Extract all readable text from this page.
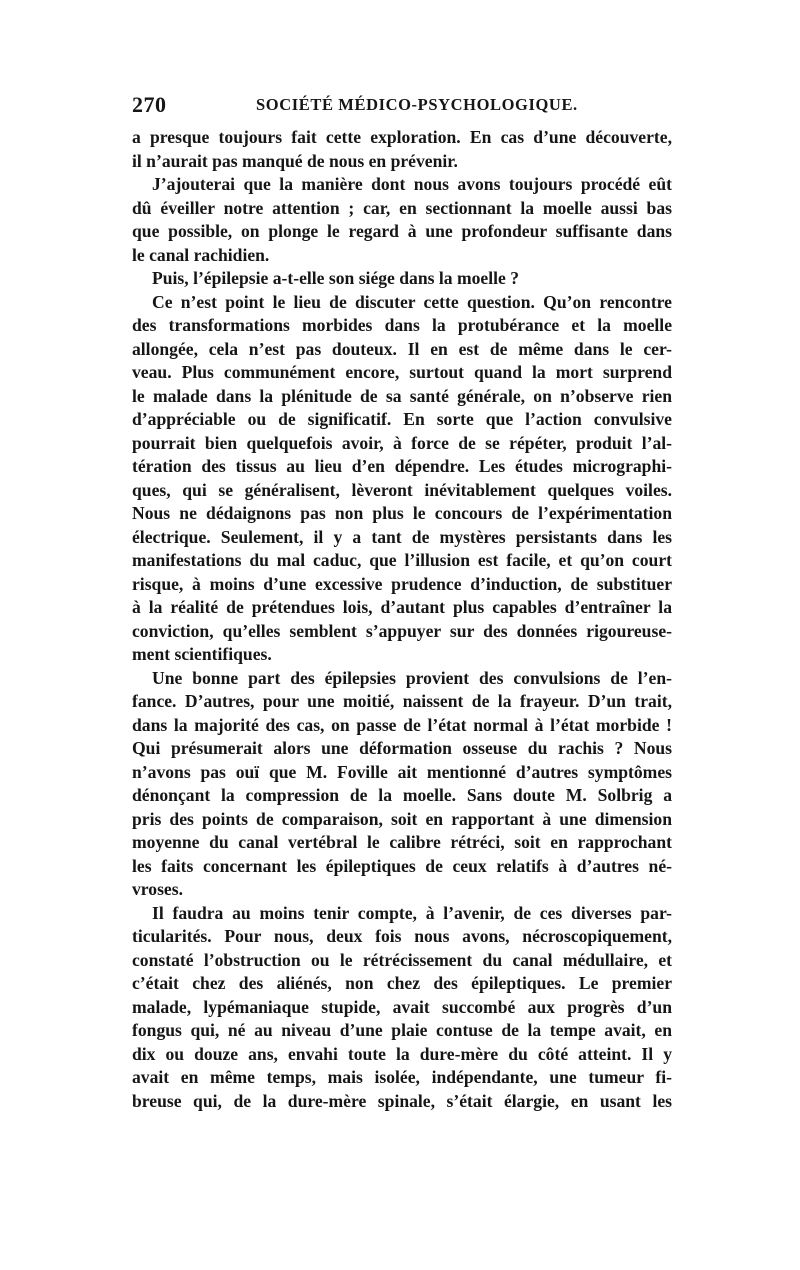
270	SOCIÉTÉ MÉDICO-PSYCHOLOGIQUE.
a presque toujours fait cette exploration. En cas d’une découverte,
il n’aurait pas manqué de nous en prévenir.
J’ajouterai que la manière dont nous avons toujours procédé eût
dû éveiller notre attention ; car, en sectionnant la moelle aussi bas
que possible, on plonge le regard à une profondeur suffisante dans
le canal rachidien.
Puis, l’épilepsie a-t-elle son siége dans la moelle ?
Ce n’est point le lieu de discuter cette question. Qu’on rencontre
des transformations morbides dans la protubérance et la moelle
allongée, cela n’est pas douteux. Il en est de même dans le cer-
veau. Plus communément encore, surtout quand la mort surprend
le malade dans la plénitude de sa santé générale, on n’observe rien
d’appréciable ou de significatif. En sorte que l’action convulsive
pourrait bien quelquefois avoir, à force de se répéter, produit l’al-
tération des tissus au lieu d’en dépendre. Les études micrographi-
ques, qui se généralisent, lèveront inévitablement quelques voiles.
Nous ne dédaignons pas non plus le concours de l’expérimentation
électrique. Seulement, il y a tant de mystères persistants dans les
manifestations du mal caduc, que l’illusion est facile, et qu’on court
risque, à moins d’une excessive prudence d’induction, de substituer
à la réalité de prétendues lois, d’autant plus capables d’entraîner la
conviction, qu’elles semblent s’appuyer sur des données rigoureuse-
ment scientifiques.
Une bonne part des épilepsies provient des convulsions de l’en-
fance. D’autres, pour une moitié, naissent de la frayeur. D’un trait,
dans la majorité des cas, on passe de l’état normal à l’état morbide !
Qui présumerait alors une déformation osseuse du rachis ? Nous
n’avons pas ouï que M. Foville ait mentionné d’autres symptômes
dénonçant la compression de la moelle. Sans doute M. Solbrig a
pris des points de comparaison, soit en rapportant à une dimension
moyenne du canal vertébral le calibre rétréci, soit en rapprochant
les faits concernant les épileptiques de ceux relatifs à d’autres né-
vroses.
Il faudra au moins tenir compte, à l’avenir, de ces diverses par-
ticularités. Pour nous, deux fois nous avons, nécroscopiquement,
constaté l’obstruction ou le rétrécissement du canal médullaire, et
c’était chez des aliénés, non chez des épileptiques. Le premier
malade, lypémaniaque stupide, avait succombé aux progrès d’un
fongus qui, né au niveau d’une plaie contuse de la tempe avait, en
dix ou douze ans, envahi toute la dure-mère du côté atteint. Il y
avait en même temps, mais isolée, indépendante, une tumeur fi-
breuse qui, de la dure-mère spinale, s’était élargie, en usant les
